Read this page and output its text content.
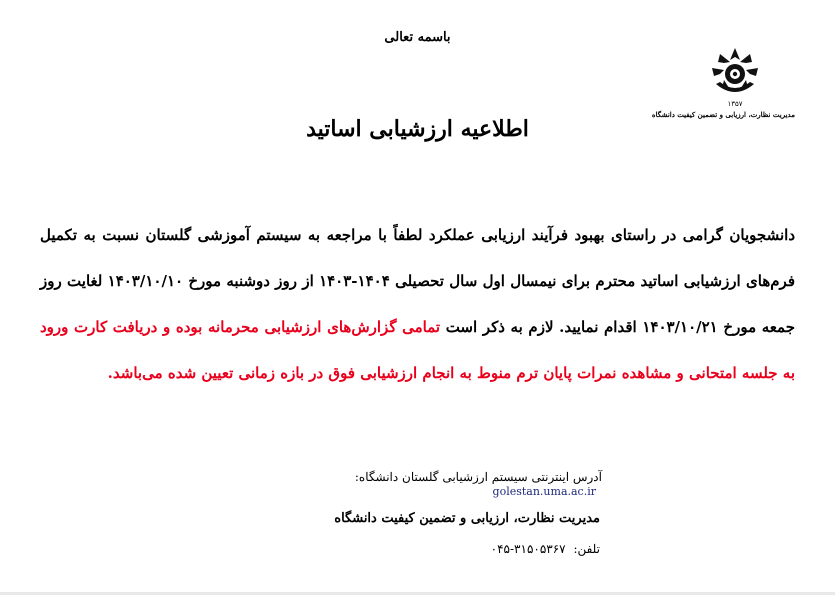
باسمه تعالی
۱۳۵۷
مدیریت نظارت، ارزیابی و تضمین کیفیت دانشگاه
اطلاعیه ارزشیابی اساتید
دانشجویان گرامی در راستای بهبود فرآیند ارزیابی عملکرد لطفاً با مراجعه به سیستم آموزشی گلستان نسبت به تکمیل فرم‌های ارزشیابی اساتید محترم برای نیمسال اول سال تحصیلی ۱۴۰۴-۱۴۰۳ از روز دوشنبه مورخ ۱۴۰۳/۱۰/۱۰ لغایت روز جمعه مورخ ۱۴۰۳/۱۰/۲۱ اقدام نمایید. لازم به ذکر است تمامی گزارش‌های ارزشیابی محرمانه بوده و دریافت کارت ورود به جلسه امتحانی و مشاهده نمرات پایان ترم منوط به انجام ارزشیابی فوق در بازه زمانی تعیین شده می‌باشد.
آدرس اینترنتی سیستم ارزشیابی گلستان دانشگاه: golestan.uma.ac.ir
مدیریت نظارت، ارزیابی و تضمین کیفیت دانشگاه
تلفن: ۰۴۵-۳۱۵۰۵۳۶۷
